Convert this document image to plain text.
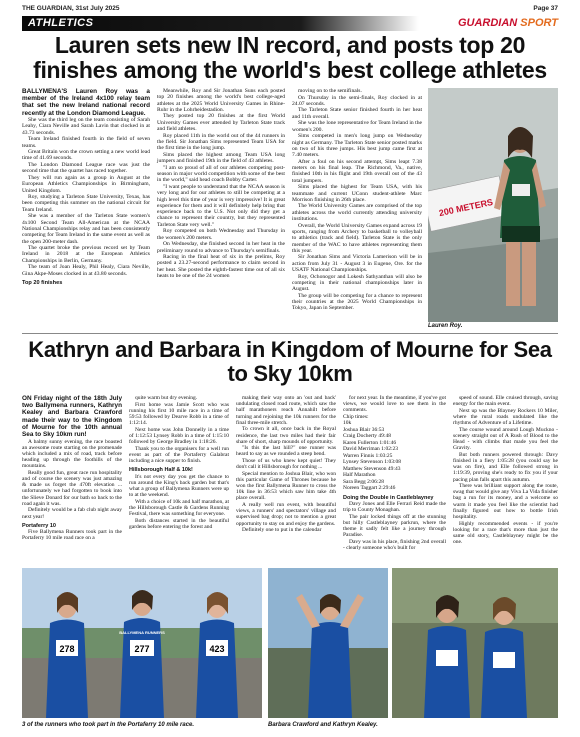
THE GUARDIAN, 31st July 2025	Page 37
ATHLETICS	GUARDIAN SPORT
Lauren sets new IN record, and posts top 20 finishes among the world's best college athletes

BALLYMENA'S Lauren Roy was a member of the Ireland 4x100 relay team that set the new Ireland national record recently at the London Diamond League.

She was the third leg on the team consisting of Sarah Leahy, Ciara Neville and Sarah Lavin that clocked in at 43.73 seconds.

Team Ireland finished fourth in the field of seven teams.

Great Britain won the crown setting a new world lead time of 41.69 seconds.

The London Diamond League race was just the second time that the quartet has raced together.

They will run again as a group in August at the European Athletics Championships in Birmingham, United Kingdom.

Roy, studying a Tarleton State University, Texas, has been competing this summer on the national circuit for Team Ireland.

She was a member of the Tarleton State women's 4x100 Second Team All-American at the NCAA National Championships relay and has been consistently competing for Team Ireland in the same event as well as the open 200-meter dash.

The quartet broke the previous record set by Team Ireland in 2018 at the European Athletics Championships in Berlin, Germany.

The team of Joan Healy, Phil Healy, Ciara Neville, Gina Akpe-Moses clocked in at 43.80 seconds.

Top 20 finishes

Meanwhile, Roy and Sir Jonathan Suns each posted top 20 finishes among the world's best college-aged athletes at the 2025 World University Games in Rhine-Ruhr in the Lohrheidestadion.

They posted top 20 finishes at the first World University Games ever attended by Tarleton State track and field athletes.

Roy placed 11th in the world out of the 44 runners in the field. Sir Jonathan Sims represented Team USA for the first time in the long jump.

Sims placed the highest among Team USA long jumpers and finished 19th in the field of 43 athletes.

"I am so proud of all of our athletes competing post-season in major world competition with some of the best in the world," said head coach Bobby Carter.

"I want people to understand that the NCAA season is very long and for our athletes to still be competing at a high level this time of year is very impressive! It is great experience for them and it will definitely help bring that experience back to the U.S. Not only did they get a chance to represent their country, but they represented Tarleton State very well."

Roy competed on both Wednesday and Thursday in the women's 200 meters.

On Wednesday, she finished second in her heat in the preliminary round to advance to Thursday's semifinals.

Racing in the final heat of six in the prelims, Roy posted a 23.27-second performance to claim second in her heat. She posted the eighth-fastest time out of all six heats to be one of the 24 women

moving on to the semifinals.

On Thursday in the semi-finals, Roy clocked in at 24.07 seconds.

The Tarleton State senior finished fourth in her heat and 11th overall.

She was the lone representative for Team Ireland in the women's 200.

Sims competed in men's long jump on Wednesday night as Germany. The Tarleton State senior posted marks on two of his three jumps. His best jump came first at 7.40 meters.

After a foul on his second attempt, Sims leapt 7.38 meters on his final leap. The Richmond, Va., native, finished 10th in his flight and 19th overall out of the 43 total jumpers.

Sims placed the highest for Team USA, with his teammate and current UConn student-athlete Marc Morrison finishing in 26th place.

The World University Games are comprised of the top athletes across the world currently attending university institutions.

Overall, the World University Games expand across 19 sports, ranging from Archery to basketball to volleyball to athletics (track and field). Tarleton State is the only member of the WAC to have athletes representing them this year.

Sir Jonathan Sims and Victoria Lamerison will be in action from July 31 - August 3 in Eugene, Ore. for the USATF National Championships.

Roy, Ochonogor and Lokesh Sathyanthan will also be competing in their national championships later in August.

The group will be competing for a chance to represent their countries at the 2025 World Championships in Tokyo, Japan in September.

200 METERS
Lauren Roy.
Kathryn and Barbara in Kingdom of Mourne for Sea to Sky 10km

ON Friday night of the 18th July two Ballymena runners, Kathryn Kealey and Barbara Crawford made their way to the Kingdom of Mourne for the 10th annual Sea to Sky 10km run!

A balmy sunny evening, the race boasted an awesome route starting on the promenade which included a mix of road, track before heading up through the foothills of the mountains.

Really good fun, great race run hospitality and of course the scenery was just amazing & made us forget the 470ft elevation ... unfortunately we had forgotten to book into the Slieve Donard for our bath so back to the road again it was.

Definitely would be a fab club night away next year!

Portaferry 10

Five Ballymena Runners took part in the Portaferry 10 mile road race on a

quite warm but dry evening.

First home was Jamie Scott who was running his first 10 mile race in a time of 59:53 followed by Dearve Robb in a time of 1:12:14.

Next home was John Donnelly in a time of 1:12:53 Lynsey Robb in a time of 1:15:10 followed by George Bradley in 1:18:26.

Thank you to the organisers for a well run event as part of the Portaferry Galabrat including a nice supper to finish.

Hillsborough Half & 10k!

It's not every day you get the chance to run around the King's back garden but that's what a group of Ballymena Runners were up to at the weekend.

With a choice of 10k and half marathon, at the Hillsborough Castle & Gardens Running Festival, there was something for everyone.

Both distances started in the beautiful gardens before entering the forest and

making their way onto an 'out and back' undulating closed road route, which saw the half marathoners reach Annahilt before turning and rejoining the 10k runners for the final three-mile stretch.

To crown it all, once back in the Royal residence, the last two miles had their fair share of short, sharp mounds of opportunity.

"Is this the last hill?" one runner was heard to say as we rounded a steep bend.

Those of us who knew kept quiet! They don't call it Hillsborough for nothing ...

Special mention to Joshua Blair, who won this particular Game of Thrones because he won the first Ballymena Runner to cross the 10k line in 36:53 which saw him take 4th place overall.

A really well run event, with beautiful views, a runners' and spectators' village and supervised bag drop; not to mention a great opportunity to stay on and enjoy the gardens.

Definitely one to put in the calendar

for next year. In the meantime, if you've got views, we would love to see them in the comments.

Chip times:

10k

Joshua Blair 36:53

Craig Docherty 49:48

Karen Fullerton 1:01:46

David Merriman 1:02:23

Warren Finnis 1:03:25

Lynsey Stevenson 1:03:08

Matthew Stevenson 49:43

Half Marathon

Sara Begg 2:06:28

Noreen Taggart 2:29:46

Doing the Double in Castleblayney

Davy Jones and Elle Ferrari Reid made the trip to County Monaghan.

The pair locked things off at the stunning but hilly Castleblayney parkrun, where the theme it sadly felt like a journey through Paradise.

Davy was in his place, finishing 2nd overall - clearly someone who's built for

speed of sound. Elle cruised through, saving energy for the main event.

Next up was the Blayney Rockers 10 Miler, where the rural roads undulated like the rhythms of Adventure of a Lifetime.

The course wound around Lough Muckno - scenery straight out of A Rush of Blood to the Head - with climbs that made you feel the Gravity.

But both runners powered through: Davy finished in a fiery 1:05:28 (you could say he was on fire), and Elle followed strong in 1:19:39, proving she's ready to fix you if your pacing plan falls apart this autumn.

There was brilliant support along the route, swag that would give any Viva La Vida finisher bag a run for its money, and a welcome so warm it made you feel like the scientist had finally figured out how to bottle Irish hospitality.

Highly recommended events - if you're looking for a race that's more than just the same old story, Castleblayney might be the one.

278
BALLYMENA RUNNERS
277	423
3 of the runners who took part in the Portaferry 10 mile race.	Barbara Crawford and Kathryn Kealey.
